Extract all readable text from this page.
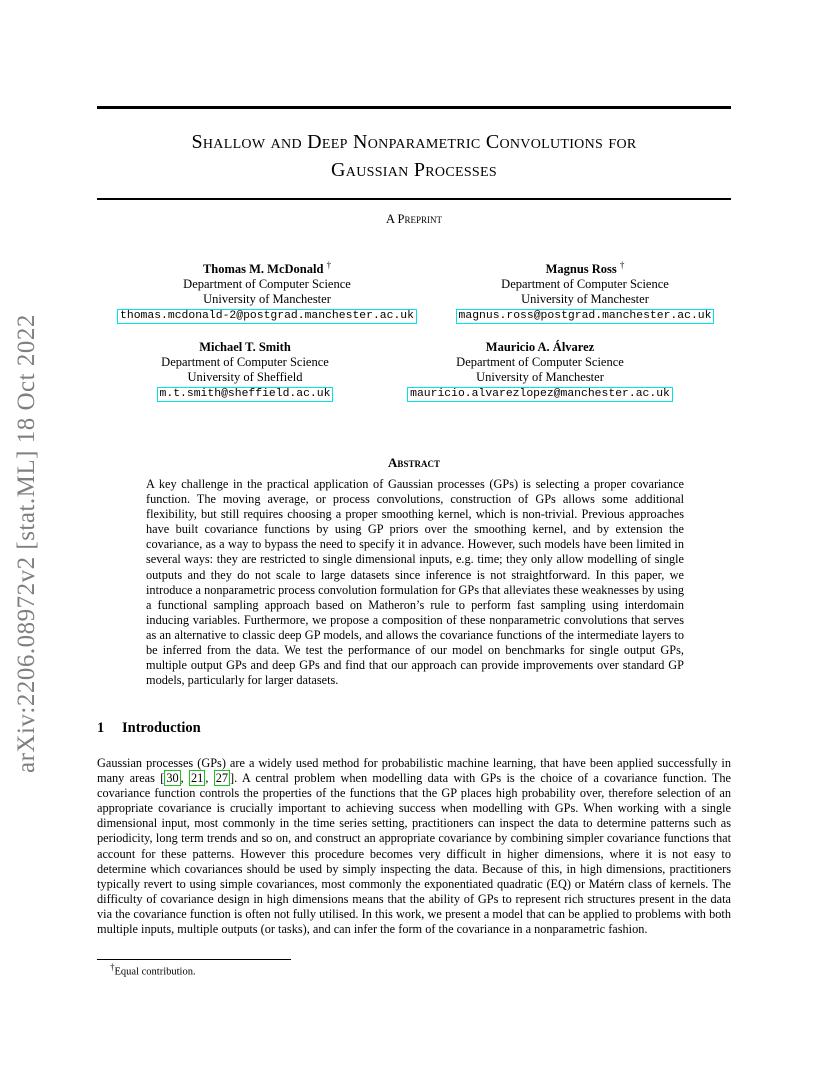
arXiv:2206.08972v2 [stat.ML] 18 Oct 2022
Shallow and Deep Nonparametric Convolutions for
Gaussian Processes
A Preprint
Thomas M. McDonald †
Department of Computer Science
University of Manchester
thomas.mcdonald-2@postgrad.manchester.ac.uk
Magnus Ross †
Department of Computer Science
University of Manchester
magnus.ross@postgrad.manchester.ac.uk
Michael T. Smith
Department of Computer Science
University of Sheffield
m.t.smith@sheffield.ac.uk
Mauricio A. Álvarez
Department of Computer Science
University of Manchester
mauricio.alvarezlopez@manchester.ac.uk
Abstract
A key challenge in the practical application of Gaussian processes (GPs) is selecting a proper covariance function. The moving average, or process convolutions, construction of GPs allows some additional flexibility, but still requires choosing a proper smoothing kernel, which is non-trivial. Previous approaches have built covariance functions by using GP priors over the smoothing kernel, and by extension the covariance, as a way to bypass the need to specify it in advance. However, such models have been limited in several ways: they are restricted to single dimensional inputs, e.g. time; they only allow modelling of single outputs and they do not scale to large datasets since inference is not straightforward. In this paper, we introduce a nonparametric process convolution formulation for GPs that alleviates these weaknesses by using a functional sampling approach based on Matheron’s rule to perform fast sampling using interdomain inducing variables. Furthermore, we propose a composition of these nonparametric convolutions that serves as an alternative to classic deep GP models, and allows the covariance functions of the intermediate layers to be inferred from the data. We test the performance of our model on benchmarks for single output GPs, multiple output GPs and deep GPs and find that our approach can provide improvements over standard GP models, particularly for larger datasets.
1 Introduction
Gaussian processes (GPs) are a widely used method for probabilistic machine learning, that have been applied successfully in many areas [ 30 , 21 , 27 ]. A central problem when modelling data with GPs is the choice of a covariance function. The covariance function controls the properties of the functions that the GP places high probability over, therefore selection of an appropriate covariance is crucially important to achieving success when modelling with GPs. When working with a single dimensional input, most commonly in the time series setting, practitioners can inspect the data to determine patterns such as periodicity, long term trends and so on, and construct an appropriate covariance by combining simpler covariance functions that account for these patterns. However this procedure becomes very difficult in higher dimensions, where it is not easy to determine which covariances should be used by simply inspecting the data. Because of this, in high dimensions, practitioners typically revert to using simple covariances, most commonly the exponentiated quadratic (EQ) or Matérn class of kernels. The difficulty of covariance design in high dimensions means that the ability of GPs to represent rich structures present in the data via the covariance function is often not fully utilised. In this work, we present a model that can be applied to problems with both multiple inputs, multiple outputs (or tasks), and can infer the form of the covariance in a nonparametric fashion.
†Equal contribution.
